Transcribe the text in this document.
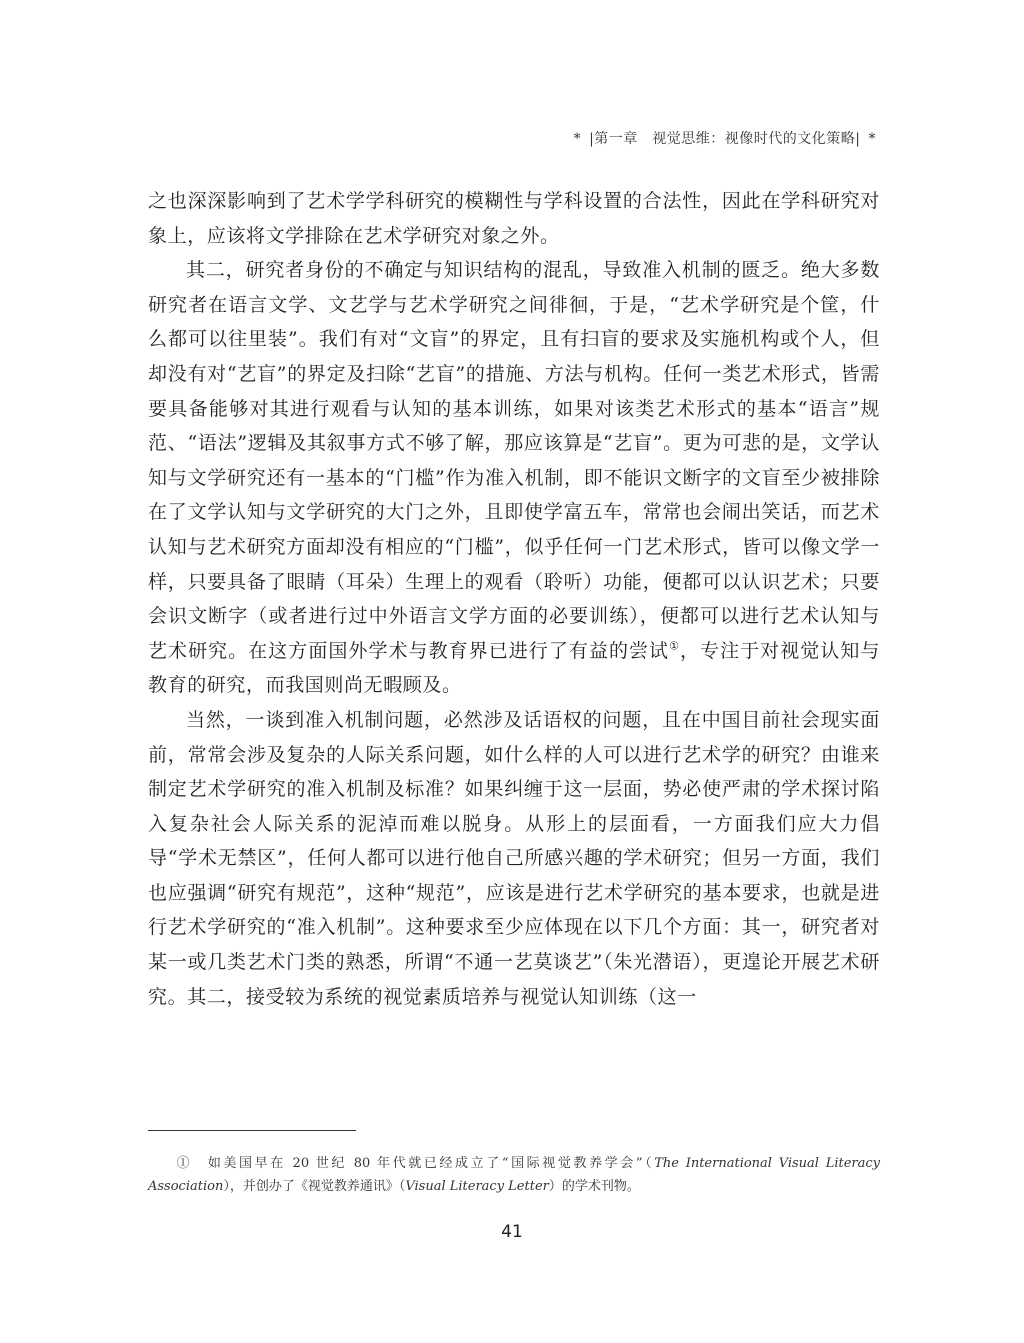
* |第一章　视觉思维：视像时代的文化策略| *

之也深深影响到了艺术学学科研究的模糊性与学科设置的合法性，因此在学科研究对象上，应该将文学排除在艺术学研究对象之外。

其二，研究者身份的不确定与知识结构的混乱，导致准入机制的匮乏。绝大多数研究者在语言文学、文艺学与艺术学研究之间徘徊，于是，“艺术学研究是个筐，什么都可以往里装”。我们有对“文盲”的界定，且有扫盲的要求及实施机构或个人，但却没有对“艺盲”的界定及扫除“艺盲”的措施、方法与机构。任何一类艺术形式，皆需要具备能够对其进行观看与认知的基本训练，如果对该类艺术形式的基本“语言”规范、“语法”逻辑及其叙事方式不够了解，那应该算是“艺盲”。更为可悲的是，文学认知与文学研究还有一基本的“门槛”作为准入机制，即不能识文断字的文盲至少被排除在了文学认知与文学研究的大门之外，且即使学富五车，常常也会闹出笑话，而艺术认知与艺术研究方面却没有相应的“门槛”，似乎任何一门艺术形式，皆可以像文学一样，只要具备了眼睛（耳朵）生理上的观看（聆听）功能，便都可以认识艺术；只要会识文断字（或者进行过中外语言文学方面的必要训练），便都可以进行艺术认知与艺术研究。在这方面国外学术与教育界已进行了有益的尝试①，专注于对视觉认知与教育的研究，而我国则尚无暇顾及。

当然，一谈到准入机制问题，必然涉及话语权的问题，且在中国目前社会现实面前，常常会涉及复杂的人际关系问题，如什么样的人可以进行艺术学的研究？由谁来制定艺术学研究的准入机制及标准？如果纠缠于这一层面，势必使严肃的学术探讨陷入复杂社会人际关系的泥淖而难以脱身。从形上的层面看，一方面我们应大力倡导“学术无禁区”，任何人都可以进行他自己所感兴趣的学术研究；但另一方面，我们也应强调“研究有规范”，这种“规范”，应该是进行艺术学研究的基本要求，也就是进行艺术学研究的“准入机制”。这种要求至少应体现在以下几个方面：其一，研究者对某一或几类艺术门类的熟悉，所谓“不通一艺莫谈艺”（朱光潜语），更遑论开展艺术研究。其二，接受较为系统的视觉素质培养与视觉认知训练（这一

①　 如美国早在 20 世纪 80 年代就已经成立了“国际视觉教养学会”（The International Visual Literacy Association），并创办了《视觉教养通讯》（Visual Literacy Letter）的学术刊物。
41
